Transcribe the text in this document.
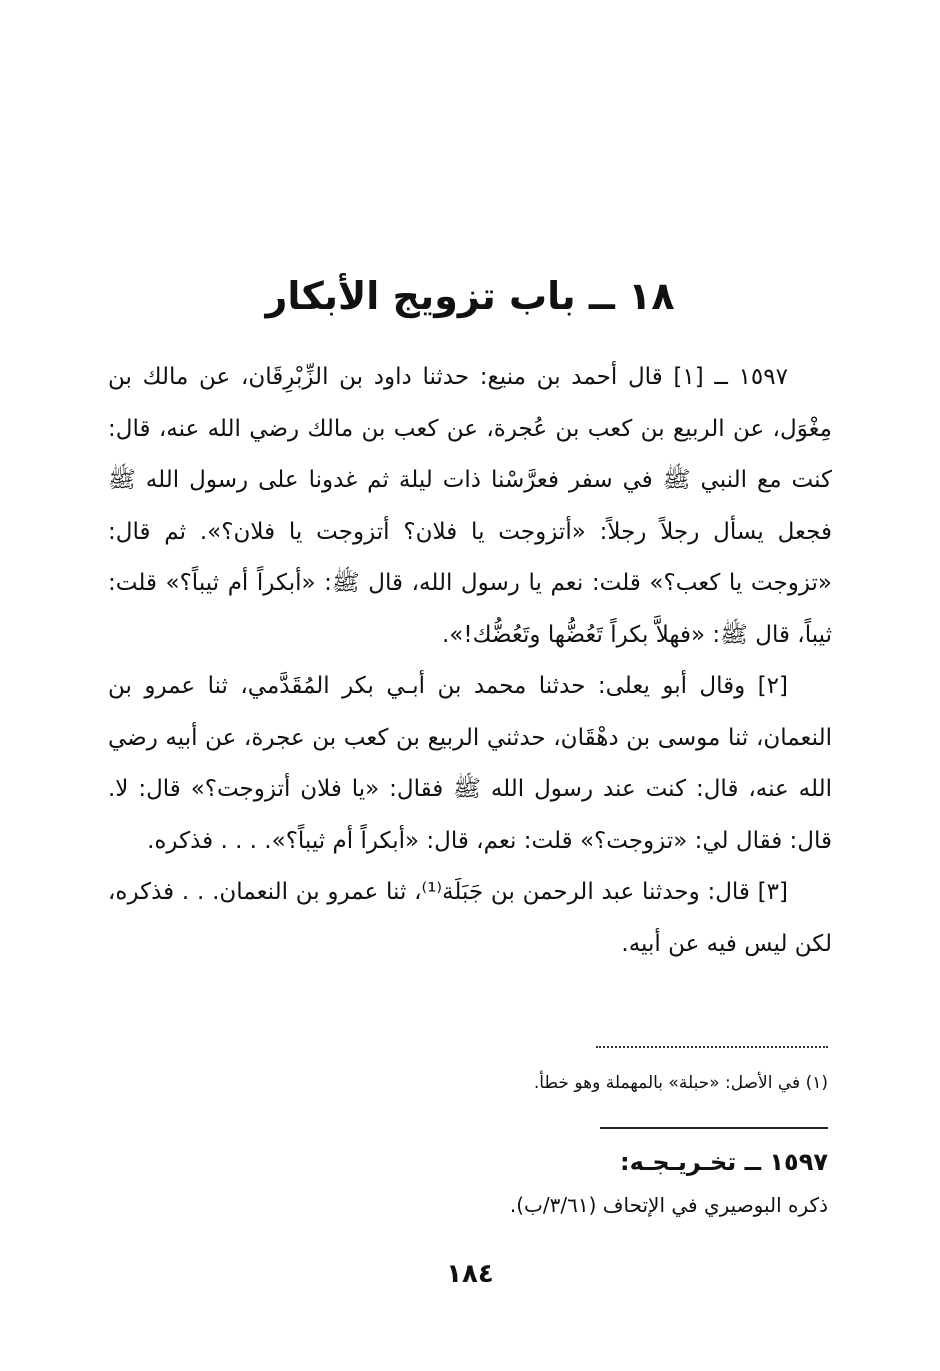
١٨ ــ باب تزويج الأبكار

١٥٩٧ ــ [١] قال أحمد بن منيع: حدثنا داود بن الزِّبْرِقَان، عن مالك بن مِغْوَل، عن الربيع بن كعب بن عُجرة، عن كعب بن مالك رضي الله عنه، قال: كنت مع النبي ﷺ في سفر فعرَّسْنا ذات ليلة ثم غدونا على رسول الله ﷺ فجعل يسأل رجلاً رجلاً: «أتزوجت يا فلان؟ أتزوجت يا فلان؟». ثم قال: «تزوجت يا كعب؟» قلت: نعم يا رسول الله، قال ﷺ: «أبكراً أم ثيباً؟» قلت: ثيباً، قال ﷺ: «فهلاَّ بكراً تَعُضُّها وتَعُضُّك!».

[٢] وقال أبو يعلى: حدثنا محمد بن أبـي بكر المُقَدَّمي، ثنا عمرو بن النعمان، ثنا موسى بن دهْقَان، حدثني الربيع بن كعب بن عجرة، عن أبيه رضي الله عنه، قال: كنت عند رسول الله ﷺ فقال: «يا فلان أتزوجت؟» قال: لا. قال: فقال لي: «تزوجت؟» قلت: نعم، قال: «أبكراً أم ثيباً؟». . . . فذكره.

[٣] قال: وحدثنا عبد الرحمن بن جَبَلَة⁽¹⁾، ثنا عمرو بن النعمان. . . فذكره، لكن ليس فيه عن أبيه.

(١) في الأصل: «حبلة» بالمهملة وهو خطأ.
١٥٩٧ ــ تخـريـجـه:
ذكره البوصيري في الإتحاف (٣/٦١/ب).
١٨٤
